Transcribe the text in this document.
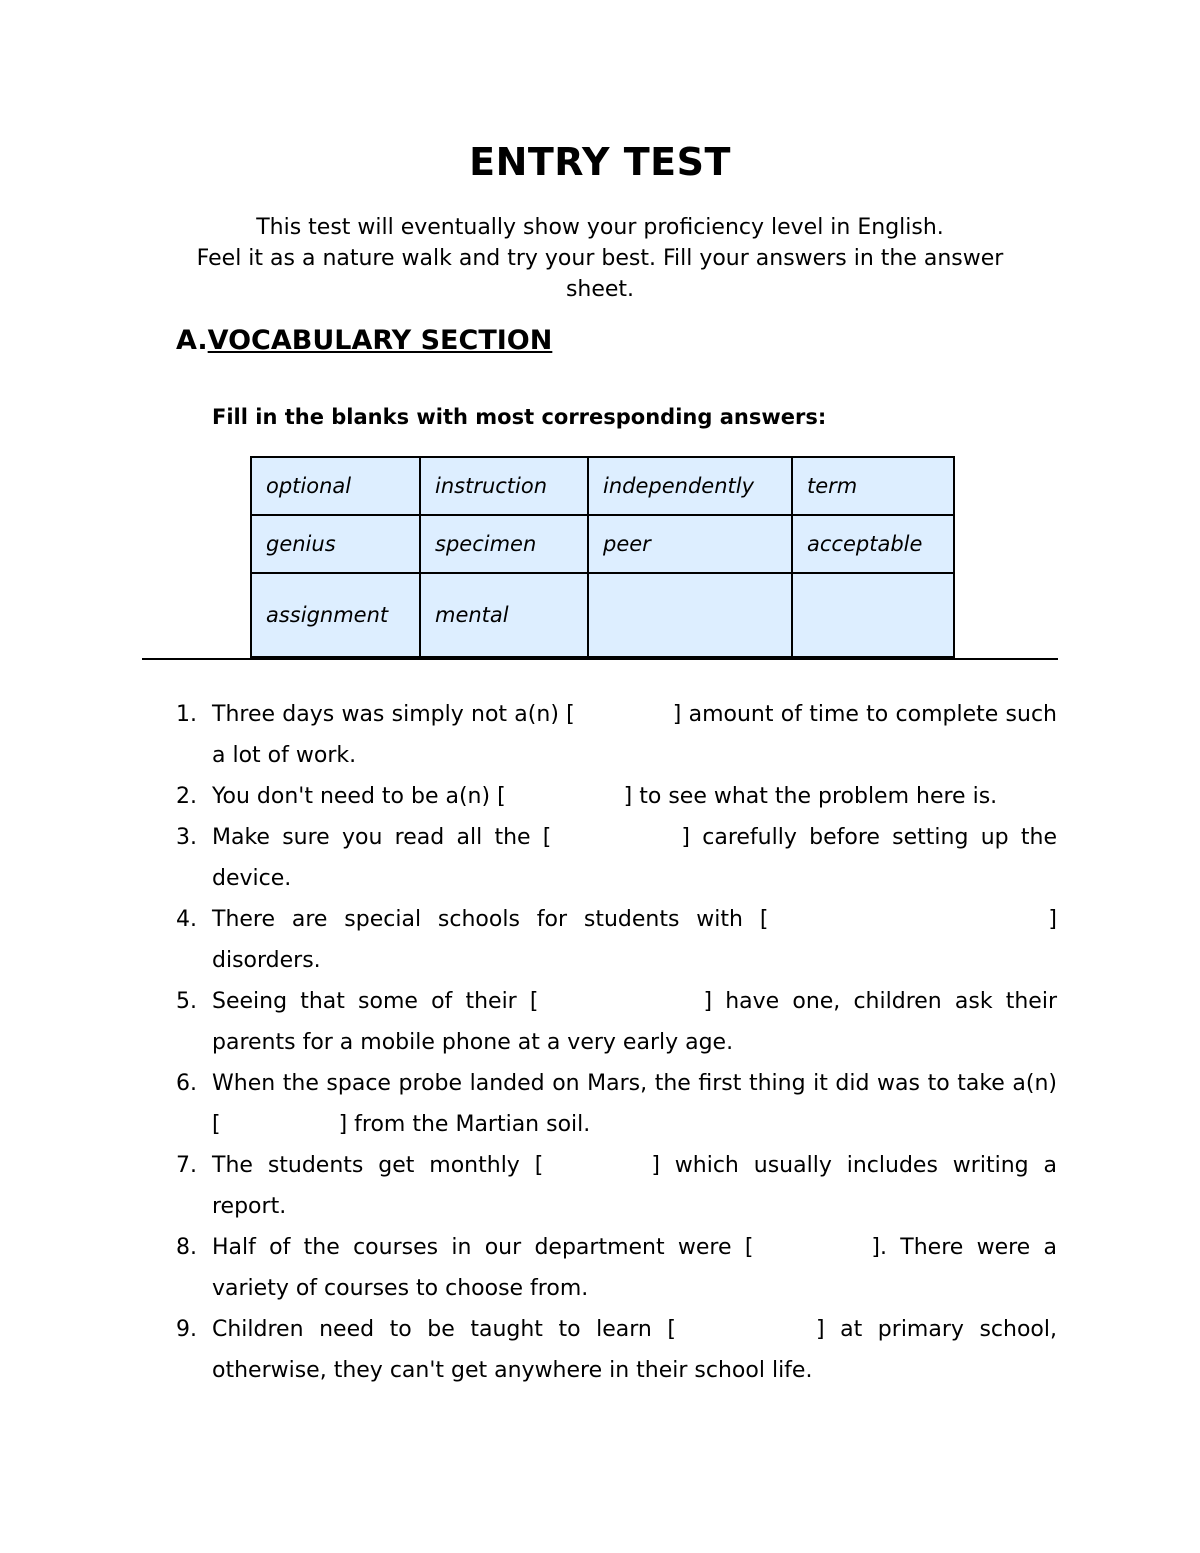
ENTRY TEST
This test will eventually show your proficiency level in English.
Feel it as a nature walk and try your best. Fill your answers in the answer sheet.
A.VOCABULARY SECTION
Fill in the blanks with most corresponding answers:
optional	instruction	independently	term
genius	specimen	peer	acceptable
assignment	mental		
1. Three days was simply not a(n) [	] amount of time to complete such a lot of work.
2. You don't need to be a(n) [	] to see what the problem here is.
3. Make sure you read all the [	] carefully before setting up the device.
4. There are special schools for students with [	] disorders.
5. Seeing that some of their [	] have one, children ask their parents for a mobile phone at a very early age.
6. When the space probe landed on Mars, the first thing it did was to take a(n) [	] from the Martian soil.
7. The students get monthly [	] which usually includes writing a report.
8. Half of the courses in our department were [	]. There were a variety of courses to choose from.
9. Children need to be taught to learn [	] at primary school, otherwise, they can't get anywhere in their school life.
